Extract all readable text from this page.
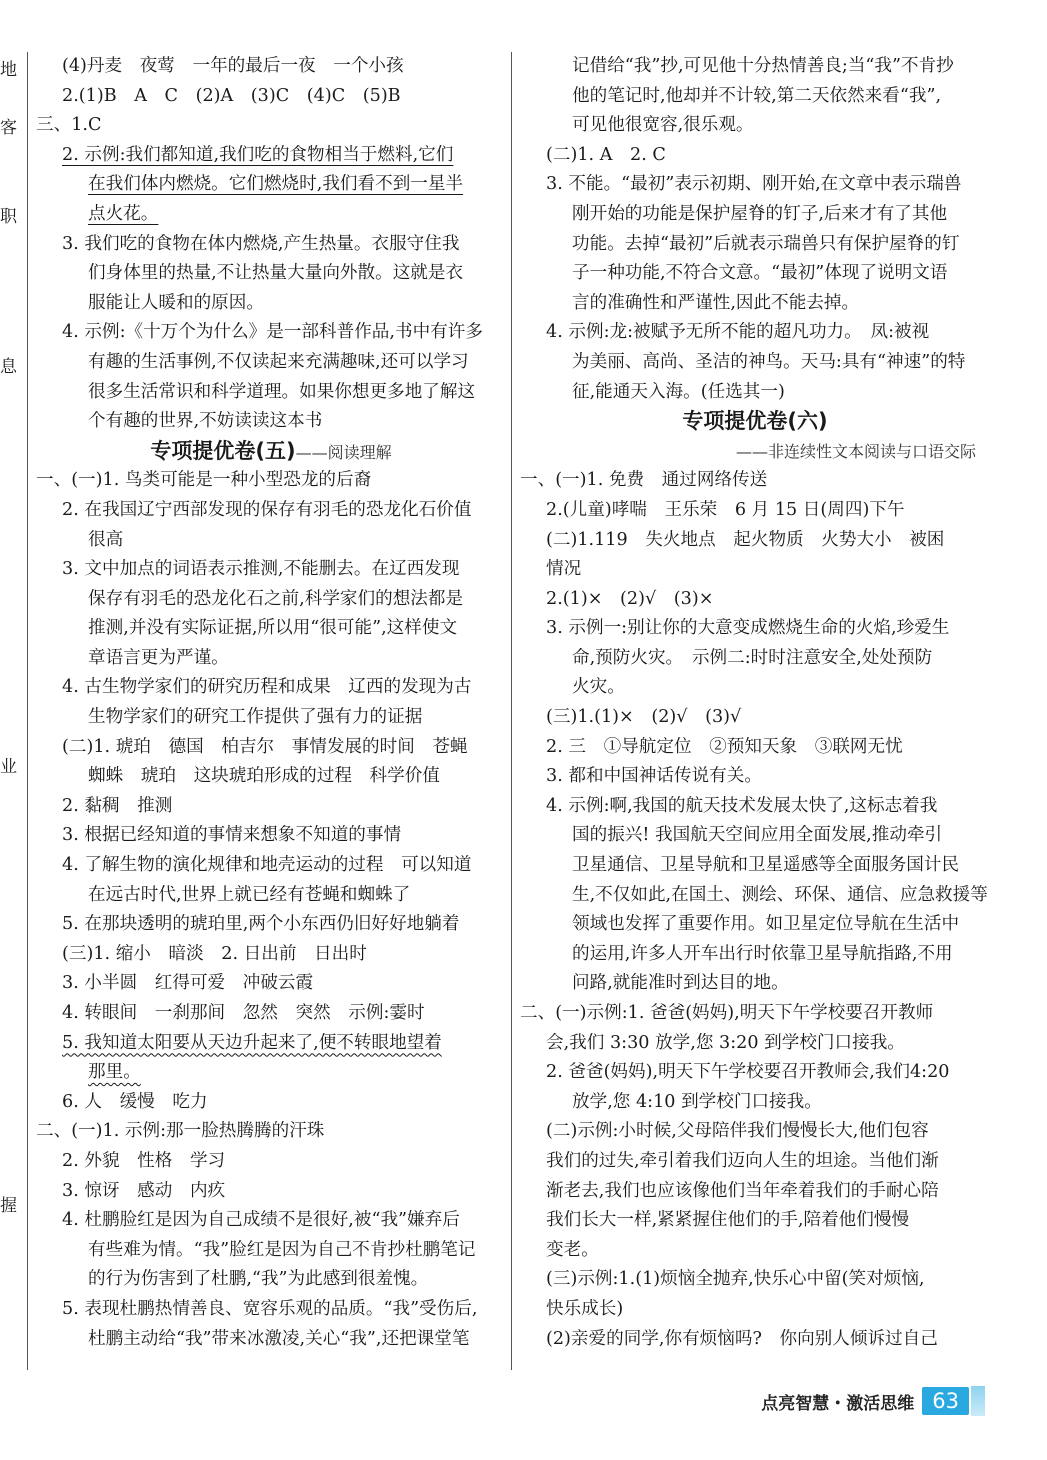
地
客
职
息
业
握
(4)丹麦　夜莺　一年的最后一夜　一个小孩
2.(1)B　A　C　(2)A　(3)C　(4)C　(5)B
三、1.C
2. 示例:我们都知道,我们吃的食物相当于燃料,它们
在我们体内燃烧。它们燃烧时,我们看不到一星半
点火花。
3. 我们吃的食物在体内燃烧,产生热量。衣服守住我
们身体里的热量,不让热量大量向外散。这就是衣
服能让人暖和的原因。
4. 示例:《十万个为什么》是一部科普作品,书中有许多
有趣的生活事例,不仅读起来充满趣味,还可以学习
很多生活常识和科学道理。如果你想更多地了解这
个有趣的世界,不妨读读这本书
专项提优卷(五)——阅读理解
一、(一)1. 鸟类可能是一种小型恐龙的后裔
2. 在我国辽宁西部发现的保存有羽毛的恐龙化石价值
很高
3. 文中加点的词语表示推测,不能删去。在辽西发现
保存有羽毛的恐龙化石之前,科学家们的想法都是
推测,并没有实际证据,所以用“很可能”,这样使文
章语言更为严谨。
4. 古生物学家们的研究历程和成果　辽西的发现为古
生物学家们的研究工作提供了强有力的证据
(二)1. 琥珀　德国　柏吉尔　事情发展的时间　苍蝇
蜘蛛　琥珀　这块琥珀形成的过程　科学价值
2. 黏稠　推测
3. 根据已经知道的事情来想象不知道的事情
4. 了解生物的演化规律和地壳运动的过程　可以知道
在远古时代,世界上就已经有苍蝇和蜘蛛了
5. 在那块透明的琥珀里,两个小东西仍旧好好地躺着
(三)1. 缩小　暗淡　2. 日出前　日出时
3. 小半圆　红得可爱　冲破云霞
4. 转眼间　一刹那间　忽然　突然　示例:霎时
5. 我知道太阳要从天边升起来了,便不转眼地望着
那里。
6. 人　缓慢　吃力
二、(一)1. 示例:那一脸热腾腾的汗珠
2. 外貌　性格　学习
3. 惊讶　感动　内疚
4. 杜鹏脸红是因为自己成绩不是很好,被“我”嫌弃后
有些难为情。“我”脸红是因为自己不肯抄杜鹏笔记
的行为伤害到了杜鹏,“我”为此感到很羞愧。
5. 表现杜鹏热情善良、宽容乐观的品质。“我”受伤后,
杜鹏主动给“我”带来冰激凌,关心“我”,还把课堂笔
记借给“我”抄,可见他十分热情善良;当“我”不肯抄
他的笔记时,他却并不计较,第二天依然来看“我”,
可见他很宽容,很乐观。
(二)1. A　2. C
3. 不能。“最初”表示初期、刚开始,在文章中表示瑞兽
刚开始的功能是保护屋脊的钉子,后来才有了其他
功能。去掉“最初”后就表示瑞兽只有保护屋脊的钉
子一种功能,不符合文意。“最初”体现了说明文语
言的准确性和严谨性,因此不能去掉。
4. 示例:龙:被赋予无所不能的超凡功力。　凤:被视
为美丽、高尚、圣洁的神鸟。天马:具有“神速”的特
征,能通天入海。(任选其一)
专项提优卷(六)
——非连续性文本阅读与口语交际
一、(一)1. 免费　通过网络传送
2.(儿童)哮喘　王乐荣　6 月 15 日(周四)下午
(二)1.119　失火地点　起火物质　火势大小　被困
情况
2.(1)×　(2)√　(3)×
3. 示例一:别让你的大意变成燃烧生命的火焰,珍爱生
命,预防火灾。　示例二:时时注意安全,处处预防
火灾。
(三)1.(1)×　(2)√　(3)√
2. 三　①导航定位　②预知天象　③联网无忧
3. 都和中国神话传说有关。
4. 示例:啊,我国的航天技术发展太快了,这标志着我
国的振兴! 我国航天空间应用全面发展,推动牵引
卫星通信、卫星导航和卫星遥感等全面服务国计民
生,不仅如此,在国土、测绘、环保、通信、应急救援等
领域也发挥了重要作用。如卫星定位导航在生活中
的运用,许多人开车出行时依靠卫星导航指路,不用
问路,就能准时到达目的地。
二、(一)示例:1. 爸爸(妈妈),明天下午学校要召开教师
会,我们 3:30 放学,您 3:20 到学校门口接我。
2. 爸爸(妈妈),明天下午学校要召开教师会,我们4:20
放学,您 4:10 到学校门口接我。
(二)示例:小时候,父母陪伴我们慢慢长大,他们包容
我们的过失,牵引着我们迈向人生的坦途。当他们渐
渐老去,我们也应该像他们当年牵着我们的手耐心陪
我们长大一样,紧紧握住他们的手,陪着他们慢慢
变老。
(三)示例:1.(1)烦恼全抛弃,快乐心中留(笑对烦恼,
快乐成长)
(2)亲爱的同学,你有烦恼吗?　你向别人倾诉过自己
点亮智慧・激活思维 63
